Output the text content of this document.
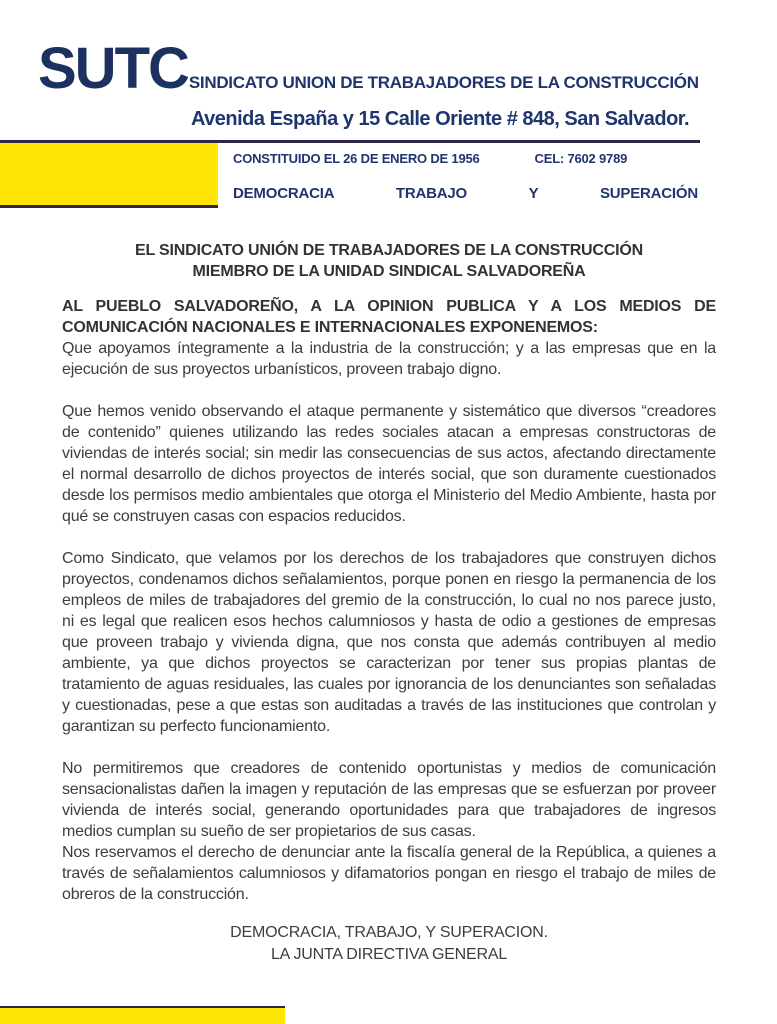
SUTC SINDICATO UNION DE TRABAJADORES DE LA CONSTRUCCIÓN
Avenida España y 15 Calle Oriente # 848, San Salvador.
CONSTITUIDO EL 26 DE ENERO DE 1956	CEL: 7602 9789
DEMOCRACIA	TRABAJO	Y	SUPERACIÓN
EL SINDICATO UNIÓN DE TRABAJADORES DE LA CONSTRUCCIÓN
MIEMBRO DE LA UNIDAD SINDICAL SALVADOREÑA

AL PUEBLO SALVADOREÑO, A LA OPINION PUBLICA Y A LOS MEDIOS DE COMUNICACIÓN NACIONALES E INTERNACIONALES EXPONENEMOS:

Que apoyamos íntegramente a la industria de la construcción; y a las empresas que en la ejecución de sus proyectos urbanísticos, proveen trabajo digno.

Que hemos venido observando el ataque permanente y sistemático que diversos “creadores de contenido” quienes utilizando las redes sociales atacan a empresas constructoras de viviendas de interés social; sin medir las consecuencias de sus actos, afectando directamente el normal desarrollo de dichos proyectos de interés social, que son duramente cuestionados desde los permisos medio ambientales que otorga el Ministerio del Medio Ambiente, hasta por qué se construyen casas con espacios reducidos.

Como Sindicato, que velamos por los derechos de los trabajadores que construyen dichos proyectos, condenamos dichos señalamientos, porque ponen en riesgo la permanencia de los empleos de miles de trabajadores del gremio de la construcción, lo cual no nos parece justo, ni es legal que realicen esos hechos calumniosos y hasta de odio a gestiones de empresas que proveen trabajo y vivienda digna, que nos consta que además contribuyen al medio ambiente, ya que dichos proyectos se caracterizan por tener sus propias plantas de tratamiento de aguas residuales, las cuales por ignorancia de los denunciantes son señaladas y cuestionadas, pese a que estas son auditadas a través de las instituciones que controlan y garantizan su perfecto funcionamiento.

No permitiremos que creadores de contenido oportunistas y medios de comunicación sensacionalistas dañen la imagen y reputación de las empresas que se esfuerzan por proveer vivienda de interés social, generando oportunidades para que trabajadores de ingresos medios cumplan su sueño de ser propietarios de sus casas.

Nos reservamos el derecho de denunciar ante la fiscalía general de la República, a quienes a través de señalamientos calumniosos y difamatorios pongan en riesgo el trabajo de miles de obreros de la construcción.

DEMOCRACIA, TRABAJO, Y SUPERACION.
LA JUNTA DIRECTIVA GENERAL
